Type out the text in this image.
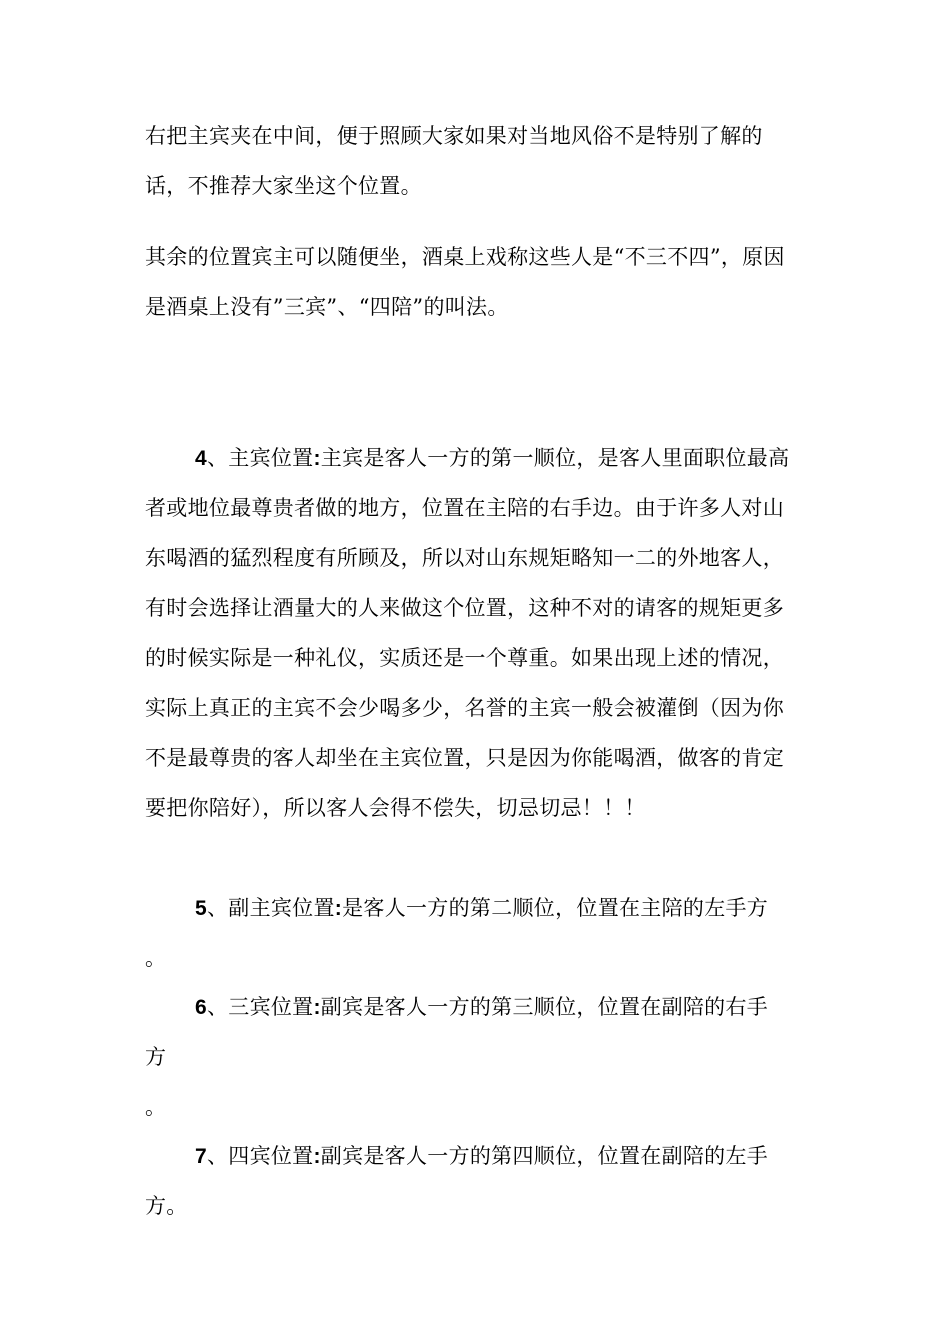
右把主宾夹在中间，便于照顾大家如果对当地风俗不是特别了解的
话，不推荐大家坐这个位置。
其余的位置宾主可以随便坐，酒桌上戏称这些人是“不三不四”，原因
是酒桌上没有”三宾”、“四陪”的叫法。
4、主宾位置:主宾是客人一方的第一顺位，是客人里面职位最高
者或地位最尊贵者做的地方，位置在主陪的右手边。由于许多人对山
东喝酒的猛烈程度有所顾及，所以对山东规矩略知一二的外地客人，
有时会选择让酒量大的人来做这个位置，这种不对的请客的规矩更多
的时候实际是一种礼仪，实质还是一个尊重。如果出现上述的情况，
实际上真正的主宾不会少喝多少，名誉的主宾一般会被灌倒（因为你
不是最尊贵的客人却坐在主宾位置，只是因为你能喝酒，做客的肯定
要把你陪好），所以客人会得不偿失，切忌切忌！！！
5、副主宾位置:是客人一方的第二顺位，位置在主陪的左手方
。
6、三宾位置:副宾是客人一方的第三顺位，位置在副陪的右手
方
。
7、四宾位置:副宾是客人一方的第四顺位，位置在副陪的左手
方。
